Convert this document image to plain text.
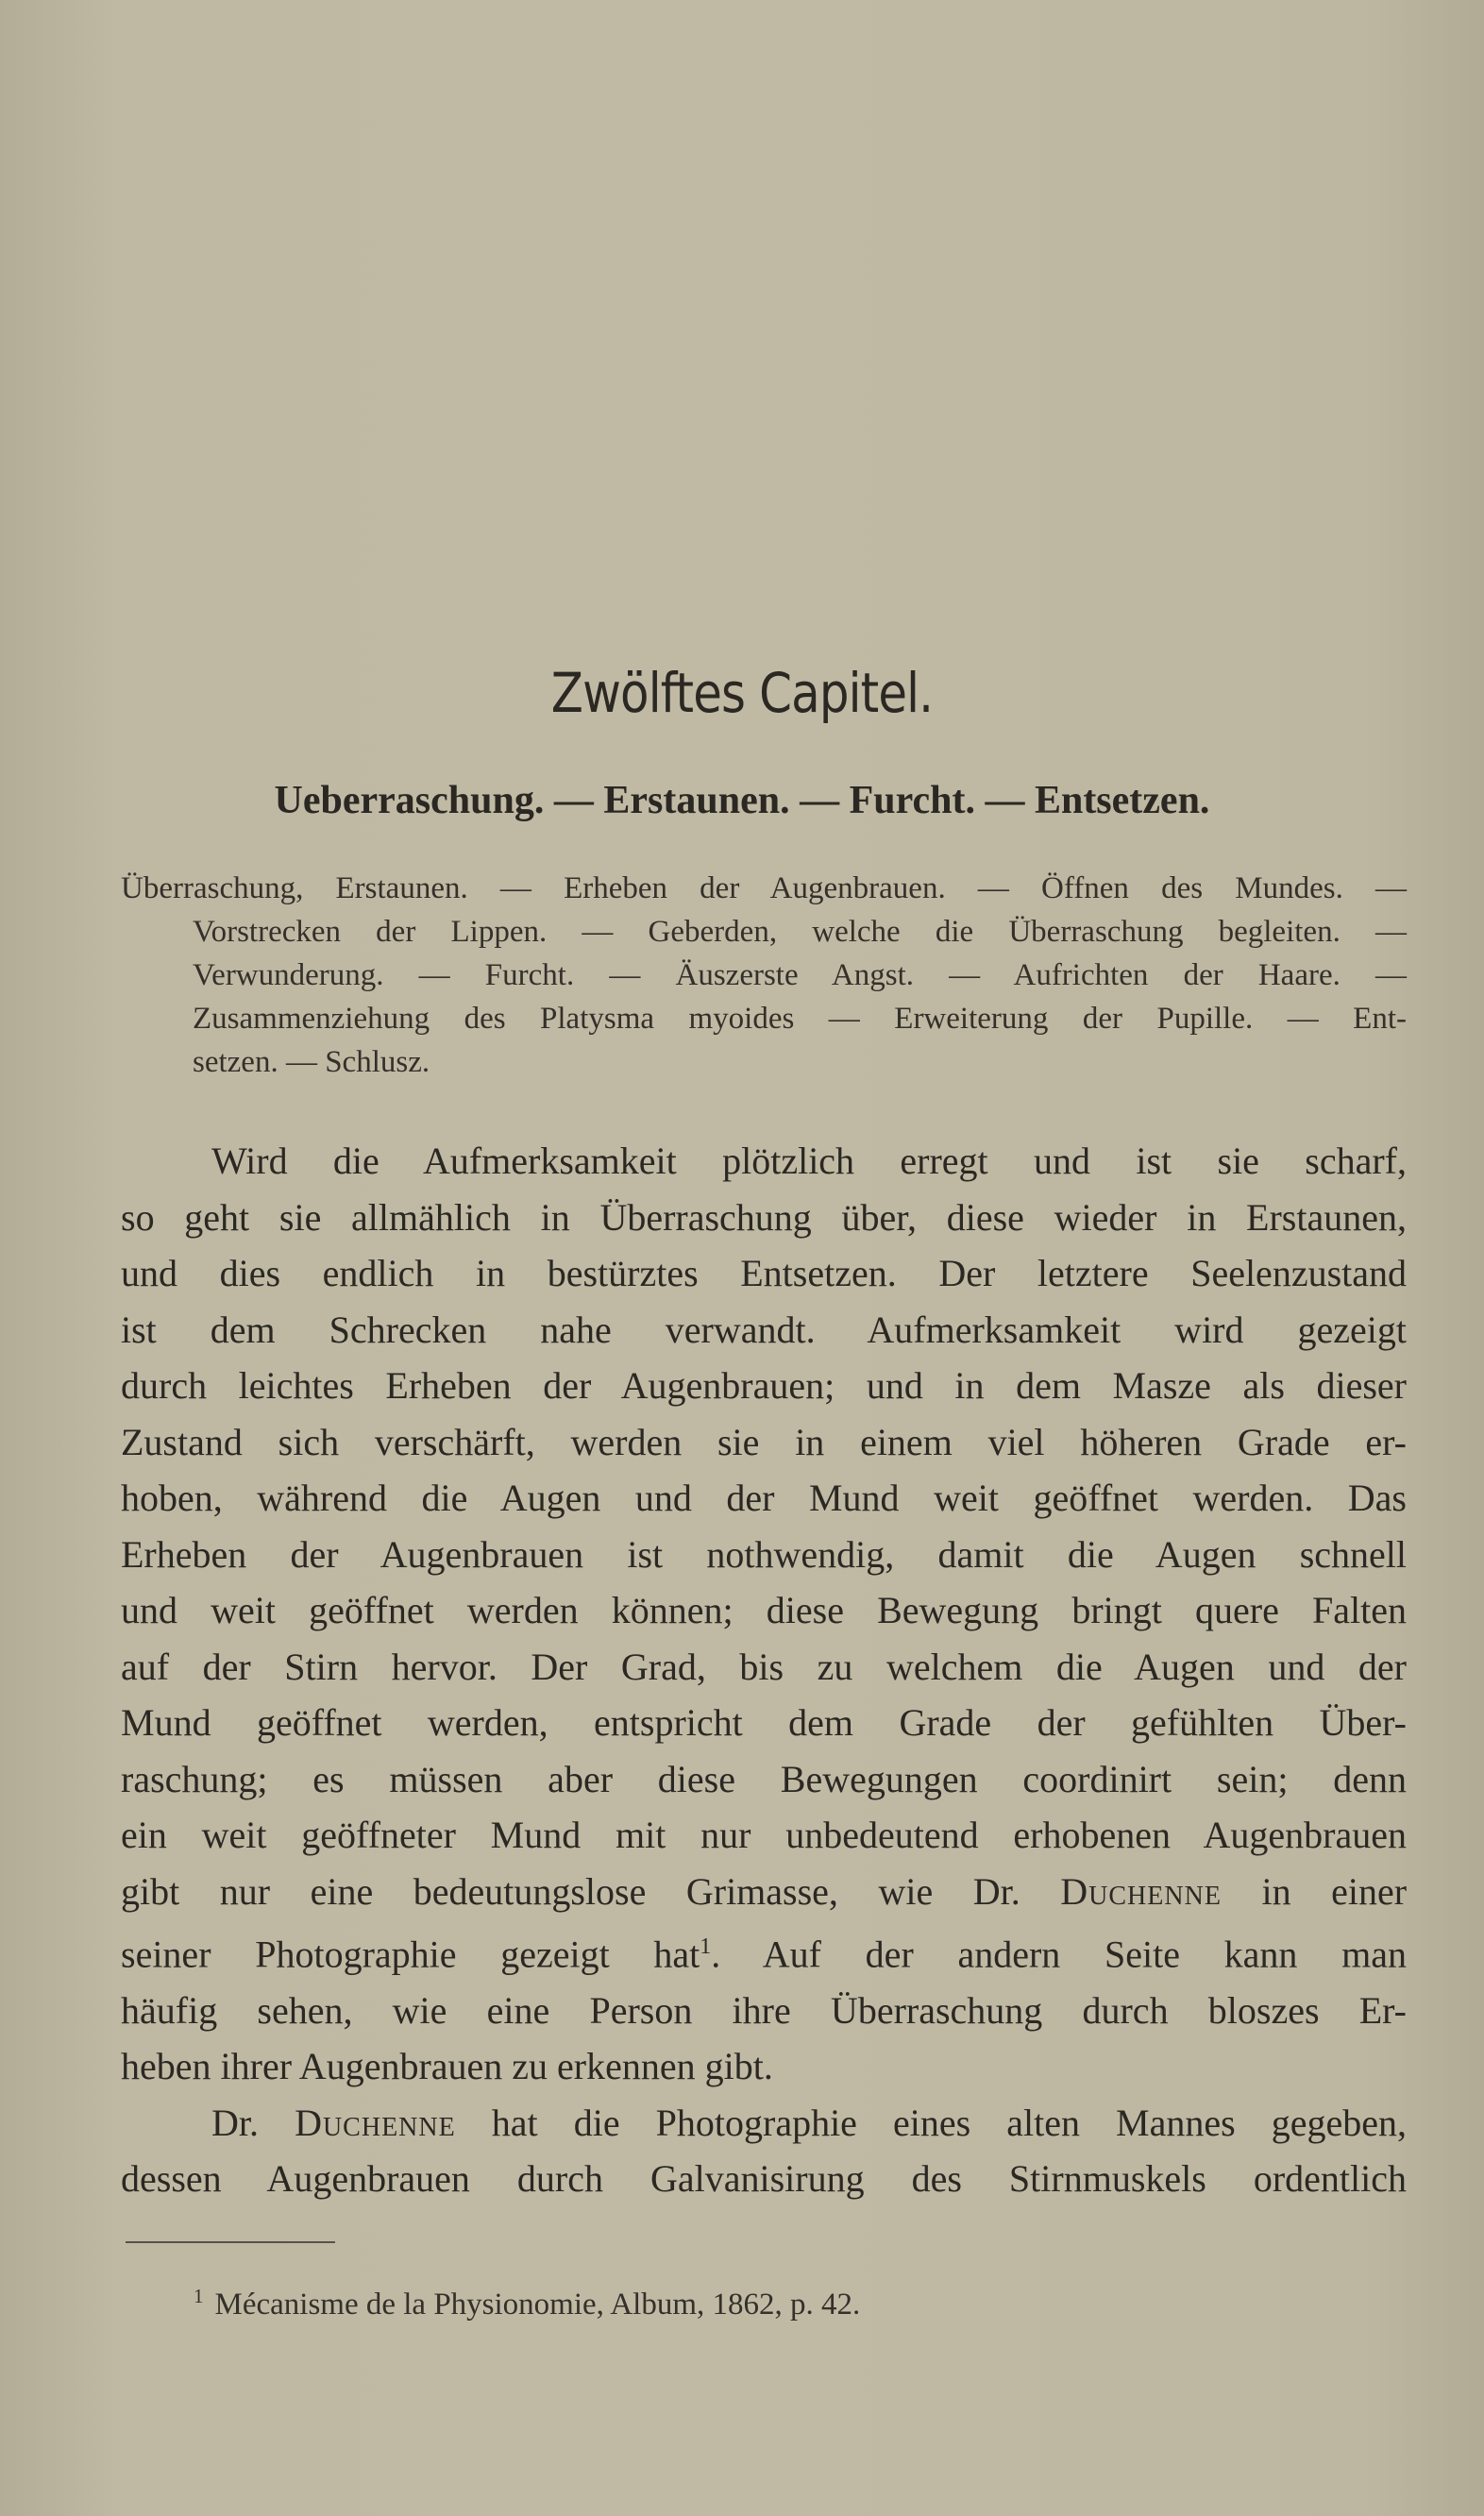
Zwölftes Capitel.
Ueberraschung. — Erstaunen. — Furcht. — Entsetzen.
Überraschung, Erstaunen. — Erheben der Augenbrauen. — Öffnen des Mundes. —
Vorstrecken der Lippen. — Geberden, welche die Überraschung begleiten. —
Verwunderung. — Furcht. — Äuszerste Angst. — Aufrichten der Haare. —
Zusammenziehung des Platysma myoides — Erweiterung der Pupille. — Ent-
setzen. — Schlusz.
Wird die Aufmerksamkeit plötzlich erregt und ist sie scharf,
so geht sie allmählich in Überraschung über, diese wieder in Erstaunen,
und dies endlich in bestürztes Entsetzen. Der letztere Seelenzustand
ist dem Schrecken nahe verwandt. Aufmerksamkeit wird gezeigt
durch leichtes Erheben der Augenbrauen; und in dem Masze als dieser
Zustand sich verschärft, werden sie in einem viel höheren Grade er-
hoben, während die Augen und der Mund weit geöffnet werden. Das
Erheben der Augenbrauen ist nothwendig, damit die Augen schnell
und weit geöffnet werden können; diese Bewegung bringt quere Falten
auf der Stirn hervor. Der Grad, bis zu welchem die Augen und der
Mund geöffnet werden, entspricht dem Grade der gefühlten Über-
raschung; es müssen aber diese Bewegungen coordinirt sein; denn
ein weit geöffneter Mund mit nur unbedeutend erhobenen Augenbrauen
gibt nur eine bedeutungslose Grimasse, wie Dr. Duchenne in einer
seiner Photographie gezeigt hat$^1$. Auf der andern Seite kann man
häufig sehen, wie eine Person ihre Überraschung durch bloszes Er-
heben ihrer Augenbrauen zu erkennen gibt.
Dr. Duchenne hat die Photographie eines alten Mannes gegeben,
dessen Augenbrauen durch Galvanisirung des Stirnmuskels ordentlich
$^1$ Mécanisme de la Physionomie, Album, 1862, p. 42.
